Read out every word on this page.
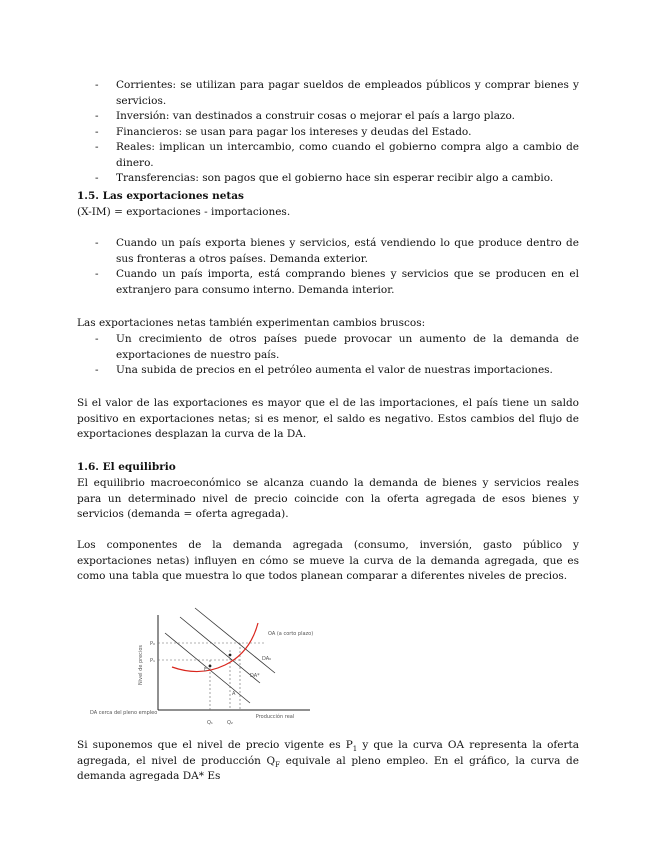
- Corrientes: se utilizan para pagar sueldos de empleados públicos y comprar bienes y servicios.
- Inversión: van destinados a construir cosas o mejorar el país a largo plazo.
- Financieros: se usan para pagar los intereses y deudas del Estado.
- Reales: implican un intercambio, como cuando el gobierno compra algo a cambio de dinero.
- Transferencias: son pagos que el gobierno hace sin esperar recibir algo a cambio.

1.5. Las exportaciones netas

(X-IM) = exportaciones - importaciones.

- Cuando un país exporta bienes y servicios, está vendiendo lo que produce dentro de sus fronteras a otros países. Demanda exterior.
- Cuando un país importa, está comprando bienes y servicios que se producen en el extranjero para consumo interno. Demanda interior.

Las exportaciones netas también experimentan cambios bruscos:

- Un crecimiento de otros países puede provocar un aumento de la demanda de exportaciones de nuestro país.
- Una subida de precios en el petróleo aumenta el valor de nuestras importaciones.

Si el valor de las exportaciones es mayor que el de las importaciones, el país tiene un saldo positivo en exportaciones netas; si es menor, el saldo es negativo. Estos cambios del flujo de exportaciones desplazan la curva de la DA.

1.6. El equilibrio

El equilibrio macroeconómico se alcanza cuando la demanda de bienes y servicios reales para un determinado nivel de precio coincide con la oferta agregada de esos bienes y servicios (demanda = oferta agregada).

Los componentes de la demanda agregada (consumo, inversión, gasto público y exportaciones netas) influyen en cómo se mueve la curva de la demanda agregada, que es como una tabla que muestra lo que todos planean comparar a diferentes niveles de precios.

Nivel de precios
Producción real
OA (a corto plazo)
DA₀
DA*
E
A
P₀
P₁
Q₁	Q₂
DA cerca del pleno empleo

Si suponemos que el nivel de precio vigente es $P_1$ y que la curva OA representa la oferta agregada, el nivel de producción $Q_F$ equivale al pleno empleo. En el gráfico, la curva de demanda agregada DA* Es
